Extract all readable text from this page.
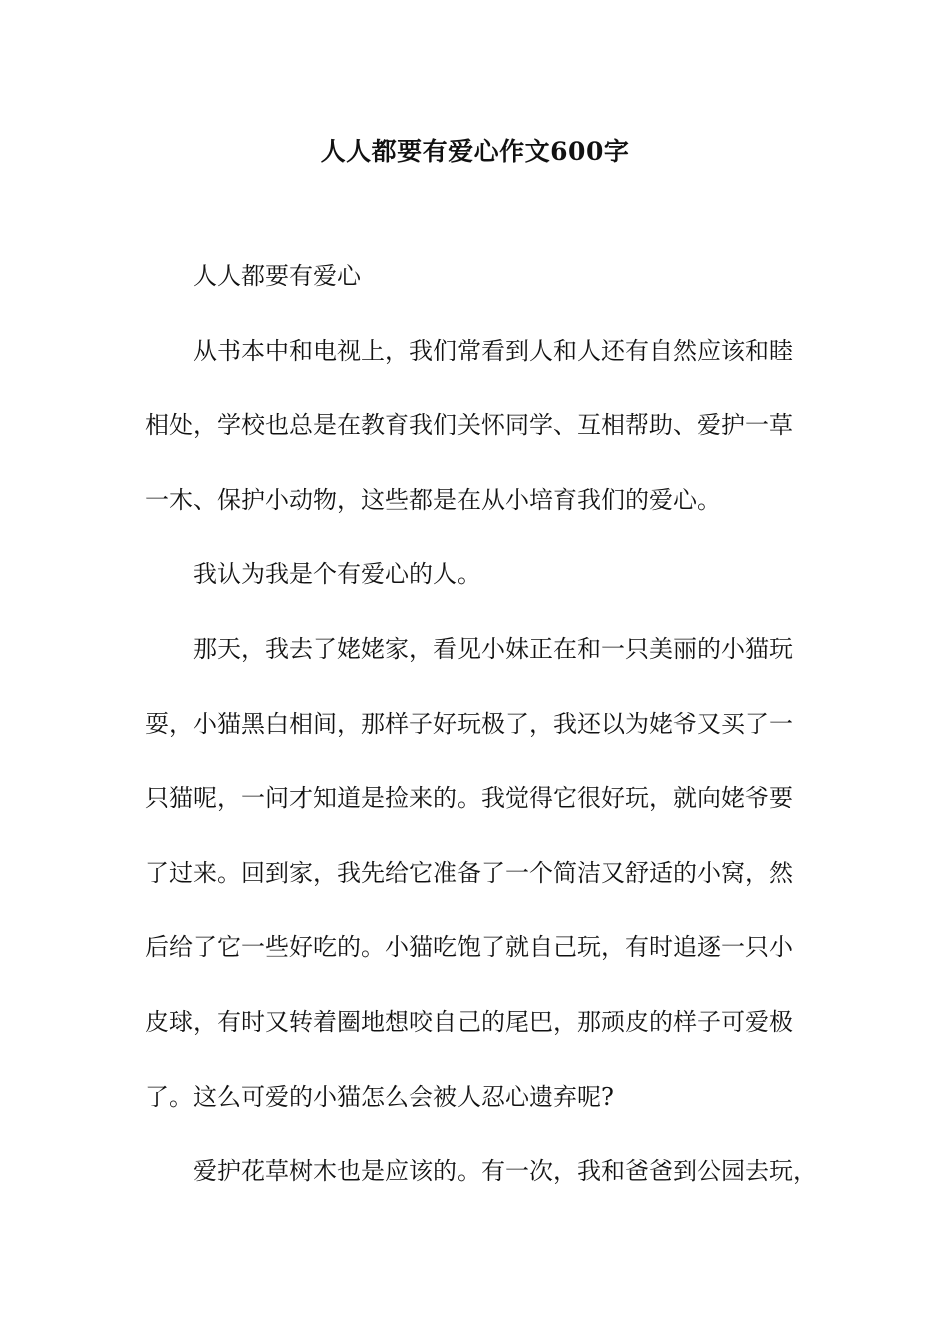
人人都要有爱心作文600字
人人都要有爱心
从书本中和电视上，我们常看到人和人还有自然应该和睦
相处，学校也总是在教育我们关怀同学、互相帮助、爱护一草
一木、保护小动物，这些都是在从小培育我们的爱心。
我认为我是个有爱心的人。
那天，我去了姥姥家，看见小妹正在和一只美丽的小猫玩
耍，小猫黑白相间，那样子好玩极了，我还以为姥爷又买了一
只猫呢，一问才知道是捡来的。我觉得它很好玩，就向姥爷要
了过来。回到家，我先给它准备了一个简洁又舒适的小窝，然
后给了它一些好吃的。小猫吃饱了就自己玩，有时追逐一只小
皮球，有时又转着圈地想咬自己的尾巴，那顽皮的样子可爱极
了。这么可爱的小猫怎么会被人忍心遗弃呢?
爱护花草树木也是应该的。有一次，我和爸爸到公园去玩，
